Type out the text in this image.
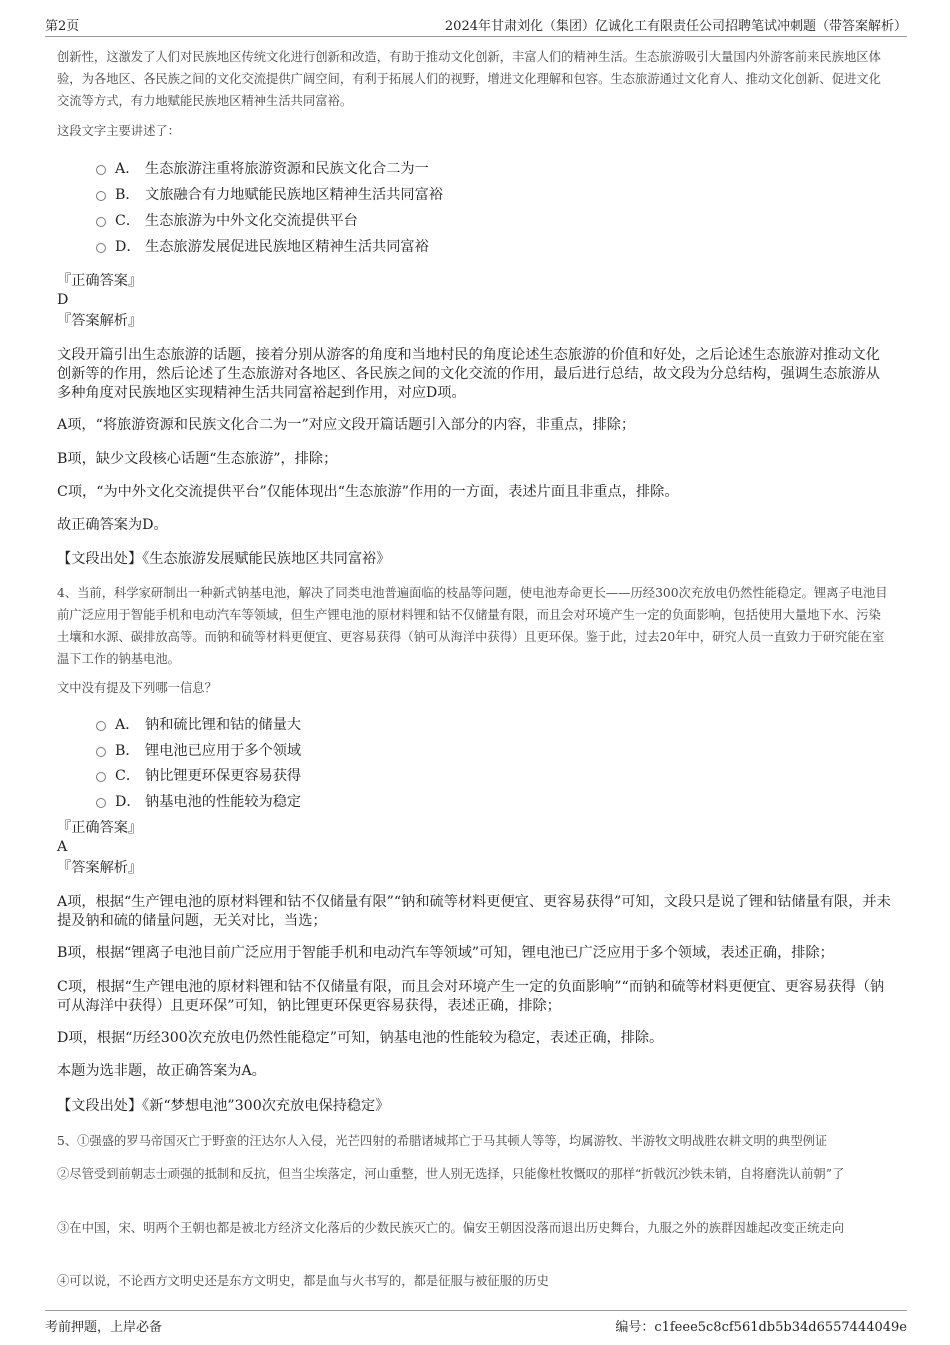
第2页	2024年甘肃刘化（集团）亿诚化工有限责任公司招聘笔试冲刺题（带答案解析）
创新性，这激发了人们对民族地区传统文化进行创新和改造，有助于推动文化创新，丰富人们的精神生活。生态旅游吸引大量国内外游客前来民族地区体验，为各地区、各民族之间的文化交流提供广阔空间，有利于拓展人们的视野，增进文化理解和包容。生态旅游通过文化育人、推动文化创新、促进文化交流等方式，有力地赋能民族地区精神生活共同富裕。
这段文字主要讲述了：
A． 生态旅游注重将旅游资源和民族文化合二为一
B． 文旅融合有力地赋能民族地区精神生活共同富裕
C． 生态旅游为中外文化交流提供平台
D． 生态旅游发展促进民族地区精神生活共同富裕
『正确答案』
D
『答案解析』
文段开篇引出生态旅游的话题，接着分别从游客的角度和当地村民的角度论述生态旅游的价值和好处，之后论述生态旅游对推动文化创新等的作用，然后论述了生态旅游对各地区、各民族之间的文化交流的作用，最后进行总结，故文段为分总结构，强调生态旅游从多种角度对民族地区实现精神生活共同富裕起到作用，对应D项。
A项，“将旅游资源和民族文化合二为一”对应文段开篇话题引入部分的内容，非重点，排除；
B项，缺少文段核心话题“生态旅游”，排除；
C项，“为中外文化交流提供平台”仅能体现出“生态旅游”作用的一方面，表述片面且非重点，排除。
故正确答案为D。
【文段出处】《生态旅游发展赋能民族地区共同富裕》
4、当前，科学家研制出一种新式钠基电池，解决了同类电池普遍面临的枝晶等问题，使电池寿命更长——历经300次充放电仍然性能稳定。锂离子电池目前广泛应用于智能手机和电动汽车等领域，但生产锂电池的原材料锂和钴不仅储量有限，而且会对环境产生一定的负面影响，包括使用大量地下水、污染土壤和水源、碳排放高等。而钠和硫等材料更便宜、更容易获得（钠可从海洋中获得）且更环保。鉴于此，过去20年中，研究人员一直致力于研究能在室温下工作的钠基电池。
文中没有提及下列哪一信息？
A． 钠和硫比锂和钴的储量大
B． 锂电池已应用于多个领域
C． 钠比锂更环保更容易获得
D． 钠基电池的性能较为稳定
『正确答案』
A
『答案解析』
A项，根据“生产锂电池的原材料锂和钴不仅储量有限”“钠和硫等材料更便宜、更容易获得”可知，文段只是说了锂和钴储量有限，并未提及钠和硫的储量问题，无关对比，当选；
B项，根据“锂离子电池目前广泛应用于智能手机和电动汽车等领域”可知，锂电池已广泛应用于多个领域，表述正确，排除；
C项，根据“生产锂电池的原材料锂和钴不仅储量有限，而且会对环境产生一定的负面影响”“而钠和硫等材料更便宜、更容易获得（钠可从海洋中获得）且更环保”可知，钠比锂更环保更容易获得，表述正确，排除；
D项，根据“历经300次充放电仍然性能稳定”可知，钠基电池的性能较为稳定，表述正确，排除。
本题为选非题，故正确答案为A。
【文段出处】《新“梦想电池”300次充放电保持稳定》
5、①强盛的罗马帝国灭亡于野蛮的汪达尔人入侵，光芒四射的希腊诸城邦亡于马其顿人等等，均属游牧、半游牧文明战胜农耕文明的典型例证
②尽管受到前朝志士顽强的抵制和反抗，但当尘埃落定，河山重整，世人别无选择，只能像杜牧慨叹的那样“折戟沉沙铁未销，自将磨洗认前朝”了
③在中国，宋、明两个王朝也都是被北方经济文化落后的少数民族灭亡的。偏安王朝因没落而退出历史舞台，九服之外的族群因雄起改变正统走向
④可以说，不论西方文明史还是东方文明史，都是血与火书写的，都是征服与被征服的历史
考前押题，上岸必备	编号：c1feee5c8cf561db5b34d6557444049e
